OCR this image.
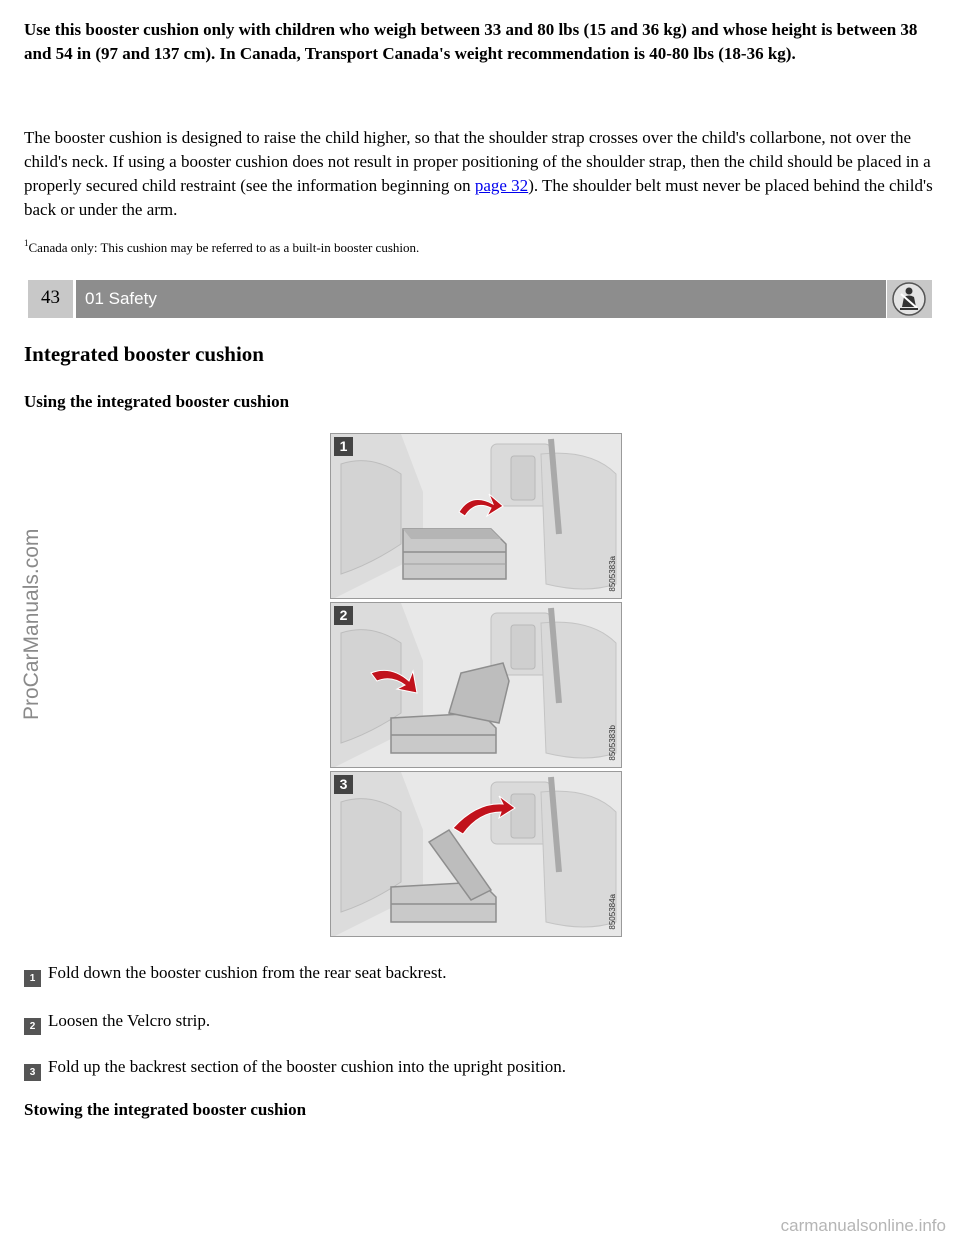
Use this booster cushion only with children who weigh between 33 and 80 lbs (15 and 36 kg) and whose height is between 38 and 54 in (97 and 137 cm). In Canada, Transport Canada's weight recommendation is 40-80 lbs (18-36 kg).

The booster cushion is designed to raise the child higher, so that the shoulder strap crosses over the child's collarbone, not over the child's neck. If using a booster cushion does not result in proper positioning of the shoulder strap, then the child should be placed in a properly secured child restraint (see the information beginning on page 32). The shoulder belt must never be placed behind the child's back or under the arm.

$^1$Canada only: This cushion may be referred to as a built-in booster cushion.

Integrated booster cushion
Using the integrated booster cushion
1 Fold down the booster cushion from the rear seat backrest.
2 Loosen the Velcro strip.
3 Fold up the backrest section of the booster cushion into the upright position.
Stowing the integrated booster cushion
43	01 Safety
1
8505383a
2
8505383b
3
8505384a
ProCarManuals.com
carmanualsonline.info
